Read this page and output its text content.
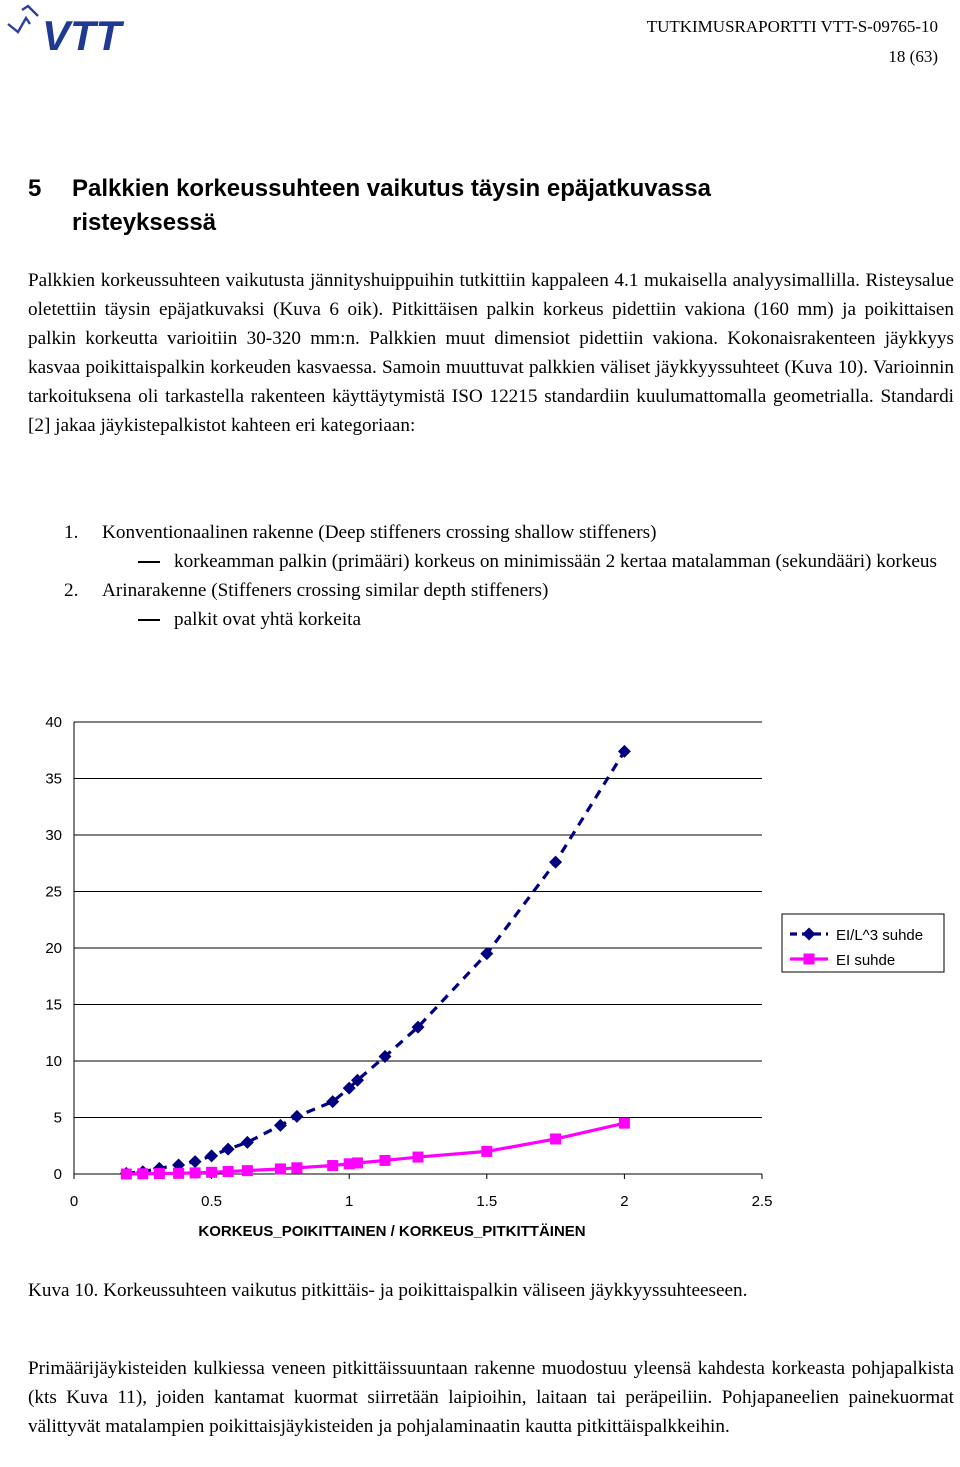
VTT	TUTKIMUSRAPORTTI VTT-S-09765-10
18 (63)
5 Palkkien korkeussuhteen vaikutus täysin epäjatkuvassa
risteyksessä
Palkkien korkeussuhteen vaikutusta jännityshuippuihin tutkittiin kappaleen 4.1 mukaisella analyysimallilla. Risteysalue oletettiin täysin epäjatkuvaksi (Kuva 6 oik). Pitkittäisen palkin korkeus pidettiin vakiona (160 mm) ja poikittaisen palkin korkeutta varioitiin 30-320 mm:n. Palkkien muut dimensiot pidettiin vakiona. Kokonaisrakenteen jäykkyys kasvaa poikittaispalkin korkeuden kasvaessa. Samoin muuttuvat palkkien väliset jäykkyyssuhteet (Kuva 10). Varioinnin tarkoituksena oli tarkastella rakenteen käyttäytymistä ISO 12215 standardiin kuulumattomalla geometrialla. Standardi [2] jakaa jäykistepalkistot kahteen eri kategoriaan:
1. Konventionaalinen rakenne (Deep stiffeners crossing shallow stiffeners)
korkeamman palkin (primääri) korkeus on minimissään 2 kertaa matalamman (sekundääri) korkeus
2. Arinarakenne (Stiffeners crossing similar depth stiffeners)
palkit ovat yhtä korkeita
0
5
10
15
20
25
30
35
40
0	0.5	1	1.5	2	2.5
KORKEUS_POIKITTAINEN / KORKEUS_PITKITTÄINEN
EI/L^3 suhde
EI suhde
Kuva 10. Korkeussuhteen vaikutus pitkittäis- ja poikittaispalkin väliseen jäykkyyssuhteeseen.
Primäärijäykisteiden kulkiessa veneen pitkittäissuuntaan rakenne muodostuu yleensä kahdesta korkeasta pohjapalkista (kts Kuva 11), joiden kantamat kuormat siirretään laipioihin, laitaan tai peräpeiliin. Pohjapaneelien painekuormat välittyvät matalampien poikittaisjäykisteiden ja pohjalaminaatin kautta pitkittäispalkkeihin.
